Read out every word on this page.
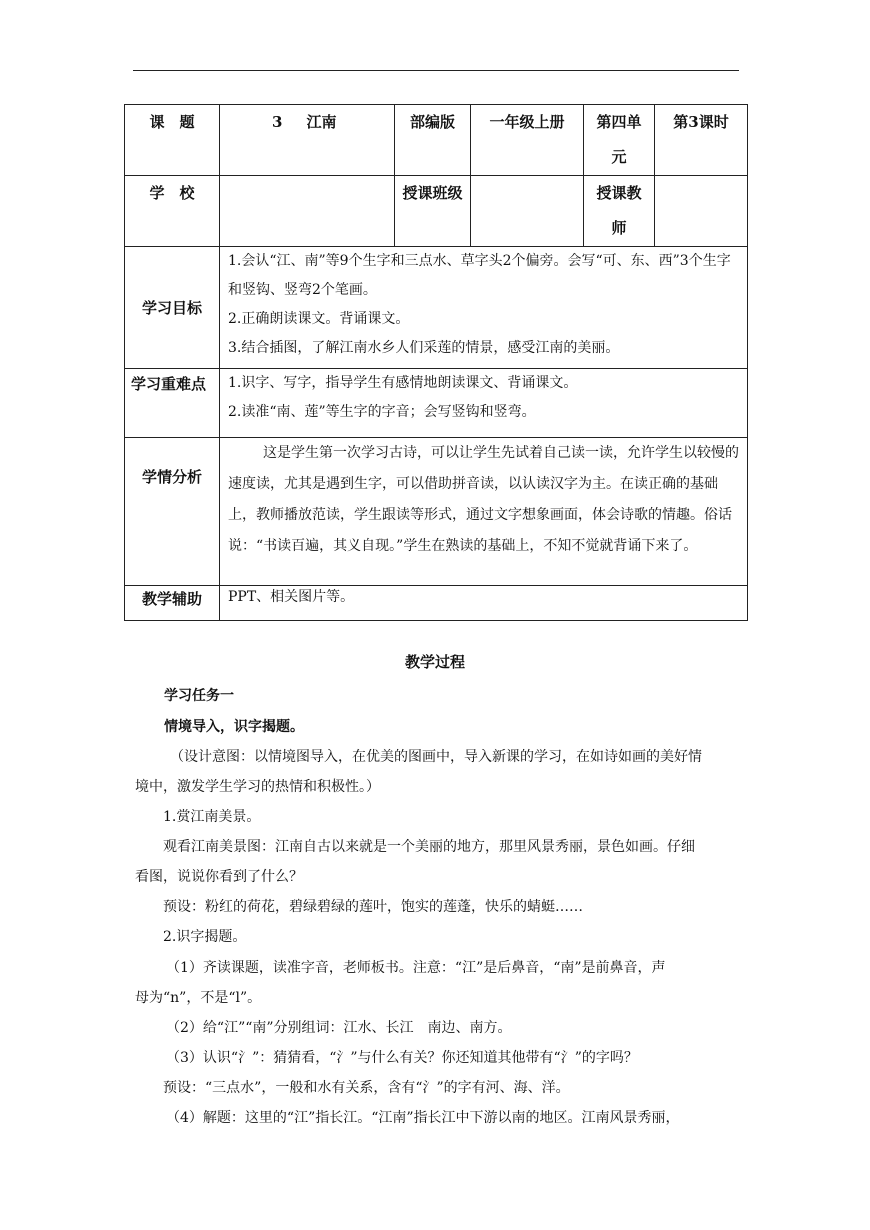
课　题	3 江南	部编版	一年级上册	第四单元	第3课时
学　校		授课班级		授课教师	
学习目标	1.会认“江、南”等9个生字和三点水、草字头2个偏旁。会写“可、东、西”3个生字和竖钩、竖弯2个笔画。

2.正确朗读课文。背诵课文。

3.结合插图，了解江南水乡人们采莲的情景，感受江南的美丽。				

学习重难点	1.识字、写字，指导学生有感情地朗读课文、背诵课文。

2.读准“南、莲”等生字的字音；会写竖钩和竖弯。				

学情分析	这是学生第一次学习古诗，可以让学生先试着自己读一读，允许学生以较慢的速度读，尤其是遇到生字，可以借助拼音读，以认读汉字为主。在读正确的基础上，教师播放范读，学生跟读等形式，通过文字想象画面，体会诗歌的情趣。俗话说：“书读百遍，其义自现。”学生在熟读的基础上，不知不觉就背诵下来了。				
教学辅助	PPT、相关图片等。				

教学过程

学习任务一
情境导入，识字揭题。
（设计意图：以情境图导入，在优美的图画中，导入新课的学习，在如诗如画的美好情
境中，激发学生学习的热情和积极性。）
1.赏江南美景。
观看江南美景图：江南自古以来就是一个美丽的地方，那里风景秀丽，景色如画。仔细
看图，说说你看到了什么？
预设：粉红的荷花，碧绿碧绿的莲叶，饱实的莲蓬，快乐的蜻蜓……
2.识字揭题。
（1）齐读课题，读准字音，老师板书。注意：“江”是后鼻音，“南”是前鼻音，声
母为“n”，不是“l”。
（2）给“江”“南”分别组词：江水、长江　南边、南方。
（3）认识“氵”：猜猜看，“氵”与什么有关？你还知道其他带有“氵”的字吗？
预设：“三点水”，一般和水有关系，含有“氵”的字有河、海、洋。
（4）解题：这里的“江”指长江。“江南”指长江中下游以南的地区。江南风景秀丽，
